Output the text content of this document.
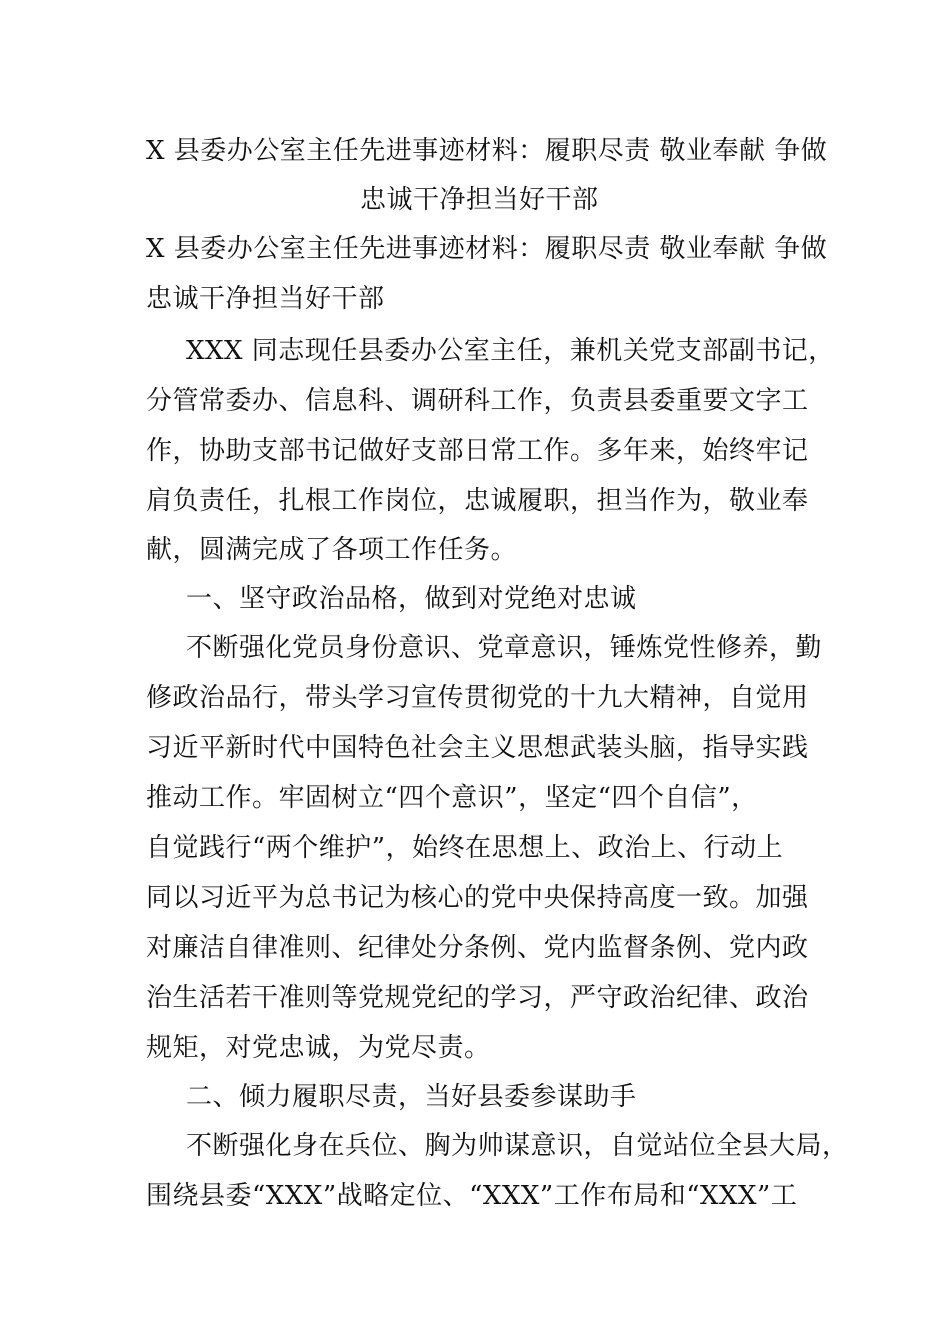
X 县委办公室主任先进事迹材料：履职尽责 敬业奉献 争做
忠诚干净担当好干部
X 县委办公室主任先进事迹材料：履职尽责 敬业奉献 争做
忠诚干净担当好干部
XXX 同志现任县委办公室主任，兼机关党支部副书记，
分管常委办、信息科、调研科工作，负责县委重要文字工
作，协助支部书记做好支部日常工作。多年来，始终牢记
肩负责任，扎根工作岗位，忠诚履职，担当作为，敬业奉
献，圆满完成了各项工作任务。
一、坚守政治品格，做到对党绝对忠诚
不断强化党员身份意识、党章意识，锤炼党性修养，勤
修政治品行，带头学习宣传贯彻党的十九大精神，自觉用
习近平新时代中国特色社会主义思想武装头脑，指导实践
推动工作。牢固树立“四个意识”，坚定“四个自信”，
自觉践行“两个维护”，始终在思想上、政治上、行动上
同以习近平为总书记为核心的党中央保持高度一致。加强
对廉洁自律准则、纪律处分条例、党内监督条例、党内政
治生活若干准则等党规党纪的学习，严守政治纪律、政治
规矩，对党忠诚，为党尽责。
二、倾力履职尽责，当好县委参谋助手
不断强化身在兵位、胸为帅谋意识，自觉站位全县大局，
围绕县委“XXX”战略定位、“XXX”工作布局和“XXX”工
